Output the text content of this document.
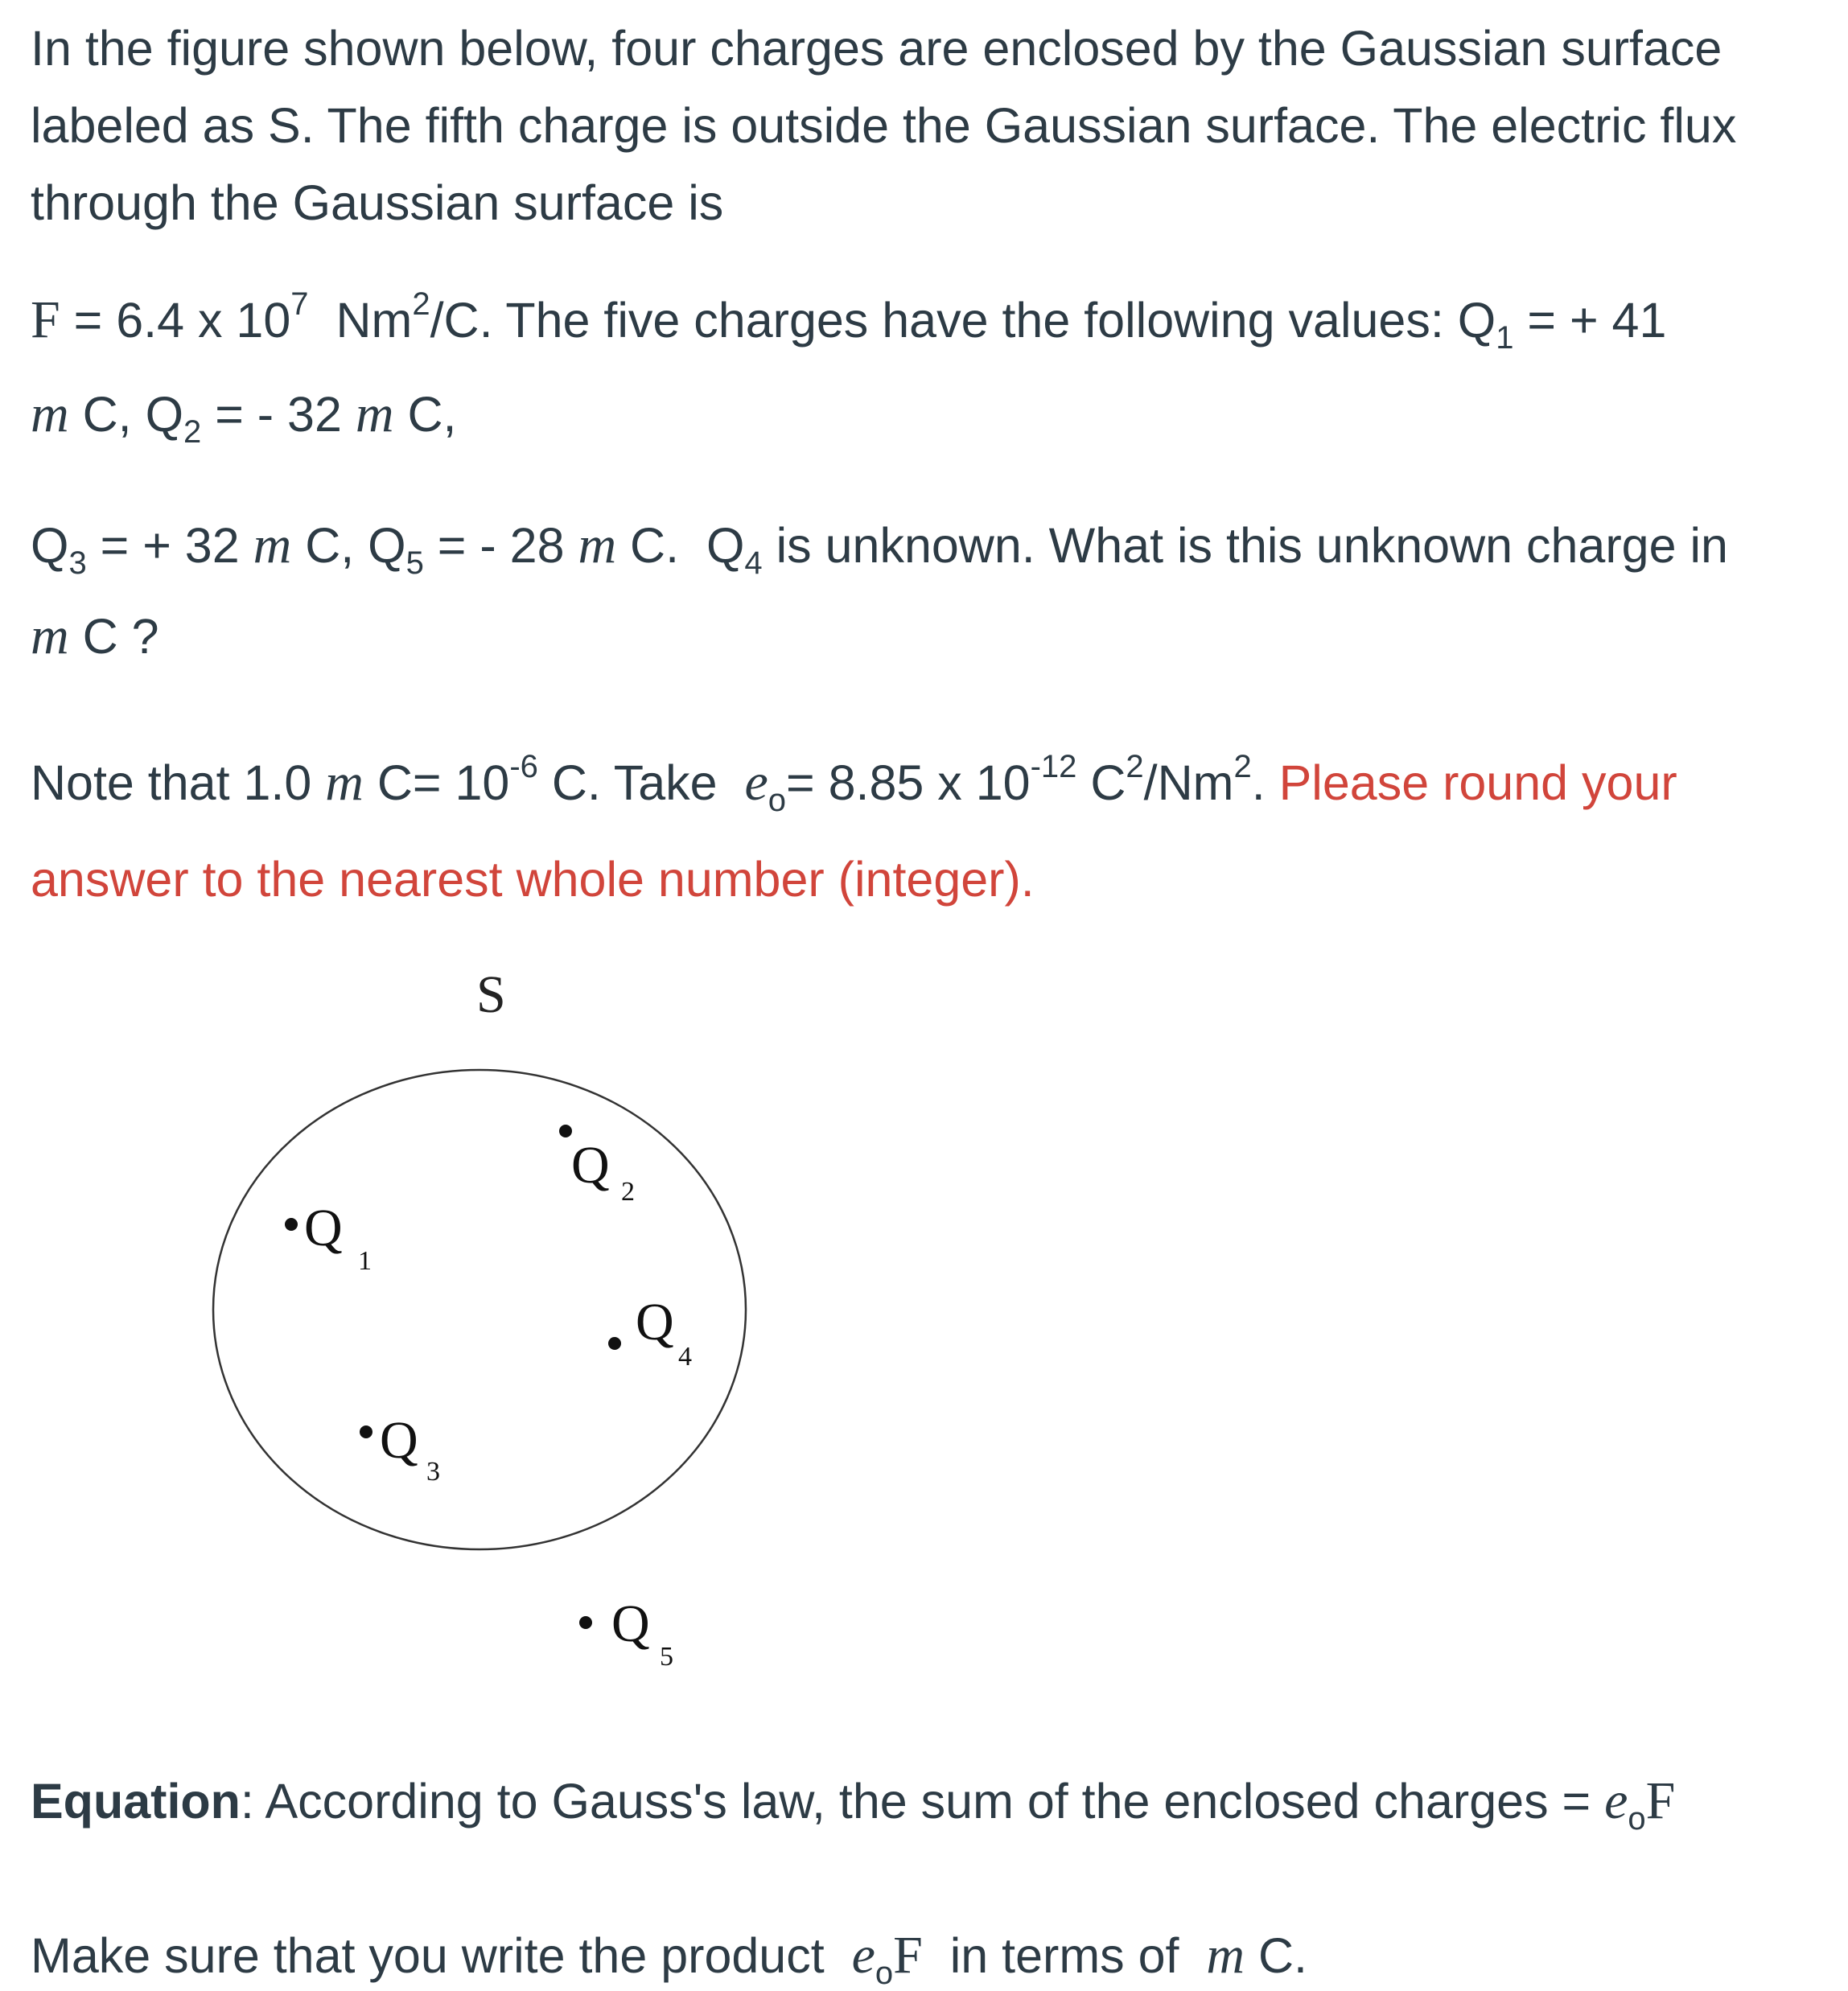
In the figure shown below, four charges are enclosed by the Gaussian surface
labeled as S. The fifth charge is outside the Gaussian surface. The electric flux
through the Gaussian surface is
F = 6.4 x $10^7$  Nm$^2$/C. The five charges have the following values: $Q_1$ = + 41
m C, $Q_2$ = - 32 m C,
$Q_3$ = + 32 m C, $Q_5$ = - 28 m C.  $Q_4$ is unknown. What is this unknown charge in
m C ?
Note that 1.0 m $C= 10^{-6}$ C. Take  $e_o= 8.85$ x $10^{-12}$ $C^2/Nm^2$. Please round your
answer to the nearest whole number (integer).
S
Q
1
Q 2
Q
3
Q
4
Q
5
Equation: According to Gauss's law, the sum of the enclosed charges = $e_oF$
Make sure that you write the product  $e_oF$  in terms of  m C.
